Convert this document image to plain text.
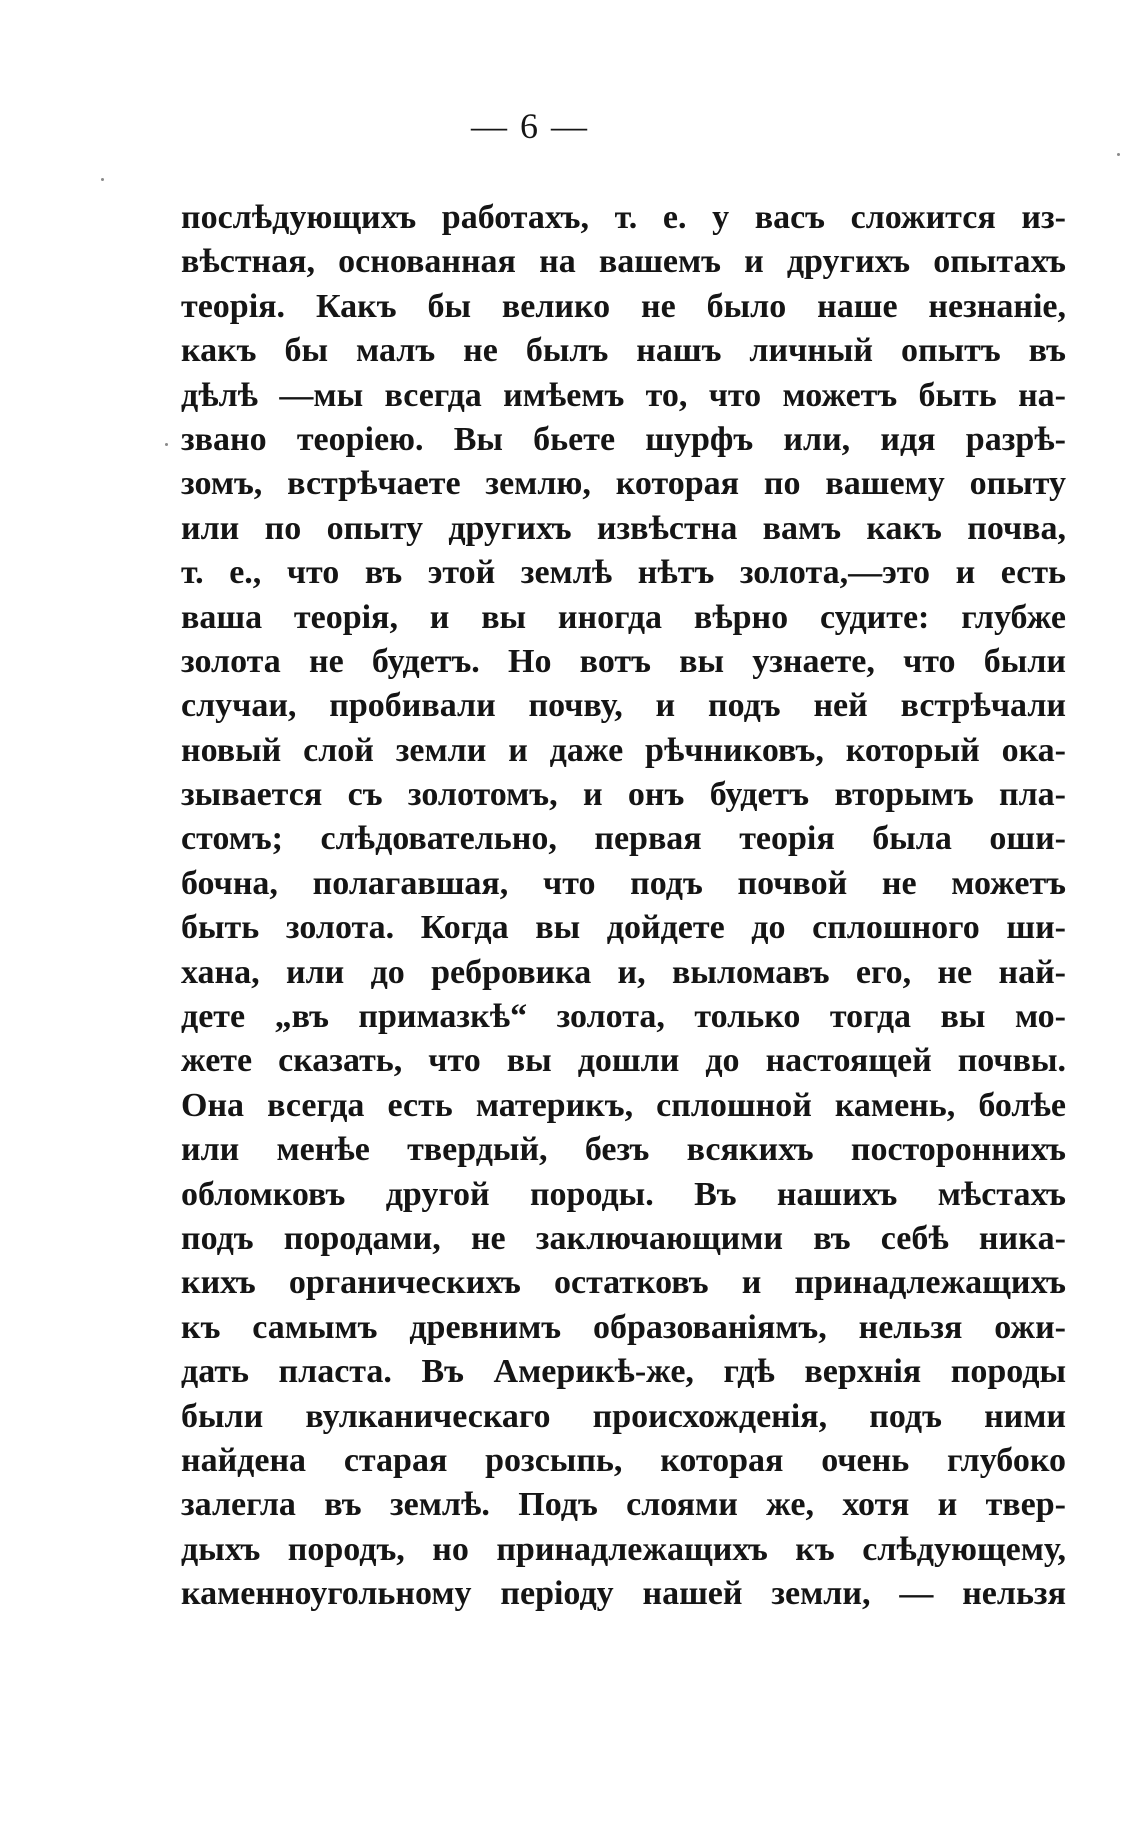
— 6 —
послѣдующихъ работахъ, т. е. у васъ сложится из-
вѣстная, основанная на вашемъ и другихъ опытахъ
теорія. Какъ бы велико не было наше незнаніе,
какъ бы малъ не былъ нашъ личный опытъ въ
дѣлѣ —мы всегда имѣемъ то, что можетъ быть на-
звано теоріею. Вы бьете шурфъ или, идя разрѣ-
зомъ, встрѣчаете землю, которая по вашему опыту
или по опыту другихъ извѣстна вамъ какъ почва,
т. е., что въ этой землѣ нѣтъ золота,—это и есть
ваша теорія, и вы иногда вѣрно судите: глубже
золота не будетъ. Но вотъ вы узнаете, что были
случаи, пробивали почву, и подъ ней встрѣчали
новый слой земли и даже рѣчниковъ, который ока-
зывается съ золотомъ, и онъ будетъ вторымъ пла-
стомъ; слѣдовательно, первая теорія была оши-
бочна, полагавшая, что подъ почвой не можетъ
быть золота. Когда вы дойдете до сплошного ши-
хана, или до ребровика и, выломавъ его, не най-
дете „въ примазкѣ“ золота, только тогда вы мо-
жете сказать, что вы дошли до настоящей почвы.
Она всегда есть материкъ, сплошной камень, болѣе
или менѣе твердый, безъ всякихъ постороннихъ
обломковъ другой породы. Въ нашихъ мѣстахъ
подъ породами, не заключающими въ себѣ никa-
кихъ органическихъ остатковъ и принадлежащихъ
къ самымъ древнимъ образованіямъ, нельзя ожи-
дать пласта. Въ Америкѣ-же, гдѣ верхнія породы
были вулканическаго происхожденія, подъ ними
найдена старая розсыпь, которая очень глубоко
залегла въ землѣ. Подъ слоями же, хотя и твер-
дыхъ породъ, но принадлежащихъ къ слѣдующему,
каменноугольному періоду нашей земли, — нельзя
